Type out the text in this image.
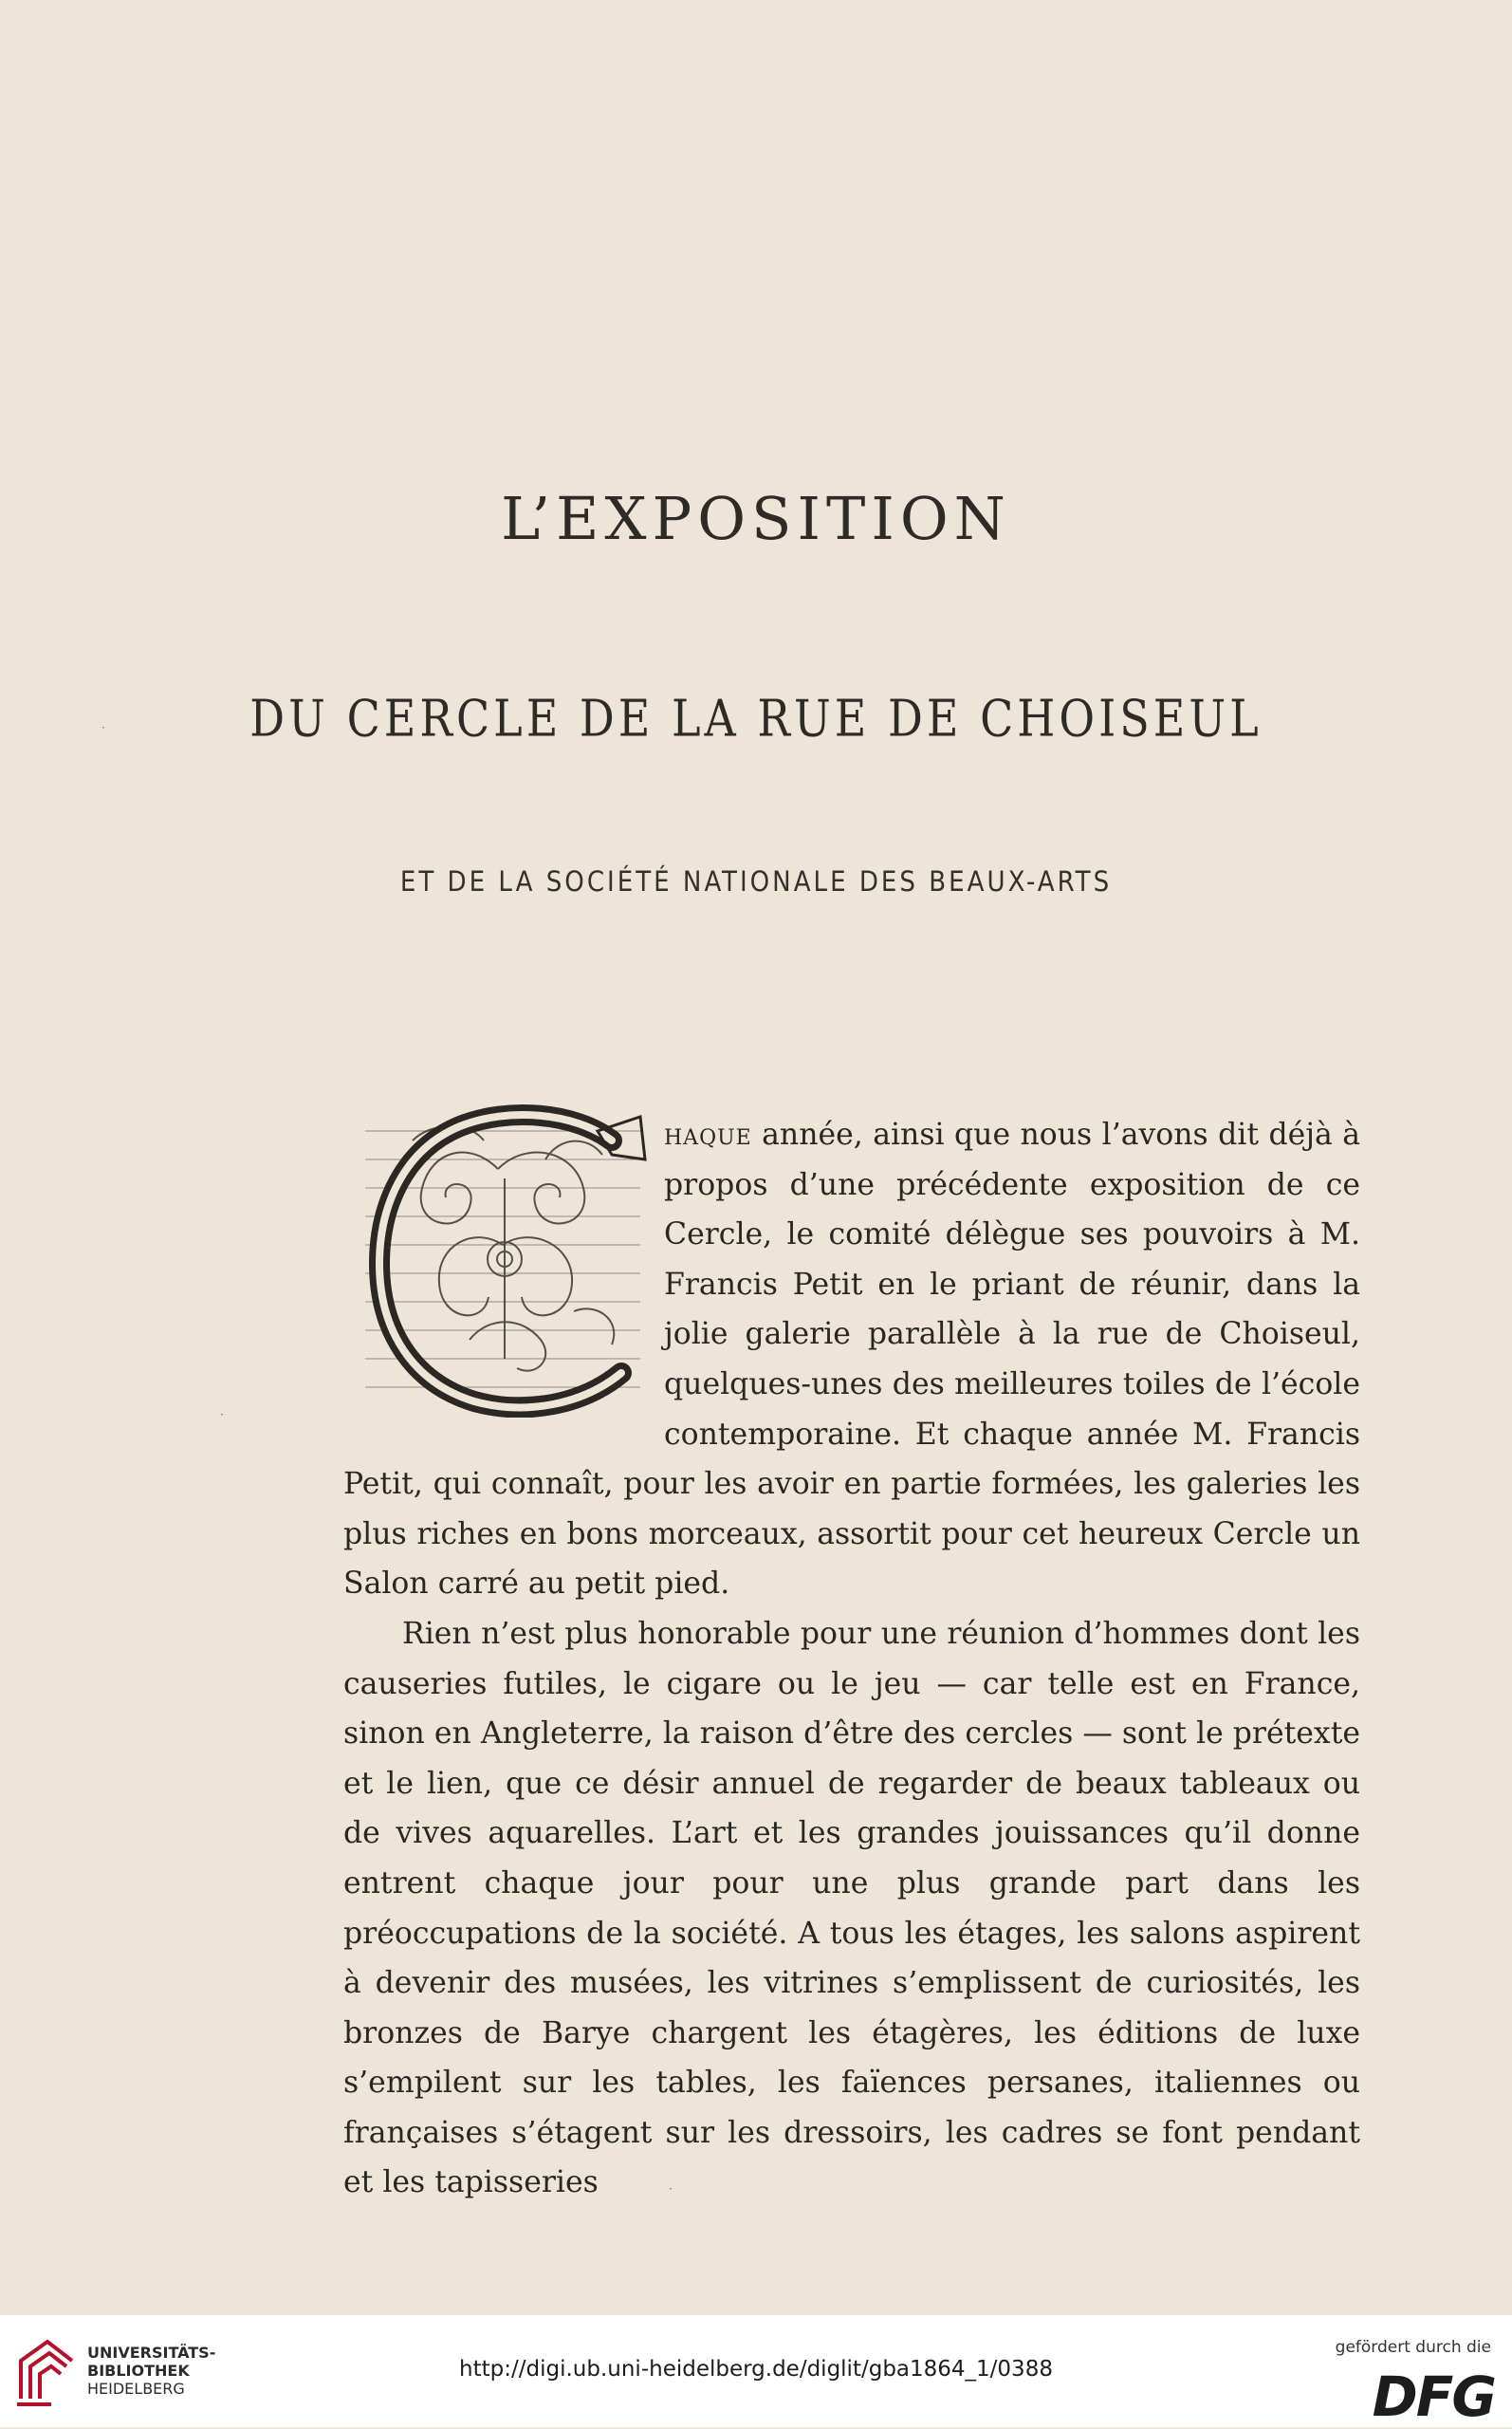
L’EXPOSITION
DU CERCLE DE LA RUE DE CHOISEUL
ET DE LA SOCIÉTÉ NATIONALE DES BEAUX-ARTS

haque année, ainsi que nous l’avons dit déjà à propos d’une précédente exposition de ce Cercle, le comité délègue ses pouvoirs à M. Francis Petit en le priant de réunir, dans la jolie galerie parallèle à la rue de Choiseul, quelques-unes des meilleures toiles de l’école contemporaine. Et chaque année M. Francis Petit, qui connaît, pour les avoir en partie formées, les galeries les plus riches en bons morceaux, assortit pour cet heureux Cercle un Salon carré au petit pied.

Rien n’est plus honorable pour une réunion d’hommes dont les causeries futiles, le cigare ou le jeu — car telle est en France, sinon en Angleterre, la raison d’être des cercles — sont le prétexte et le lien, que ce désir annuel de regarder de beaux tableaux ou de vives aquarelles. L’art et les grandes jouissances qu’il donne entrent chaque jour pour une plus grande part dans les préoccupations de la société. A tous les étages, les salons aspirent à devenir des musées, les vitrines s’emplissent de curiosités, les bronzes de Barye chargent les étagères, les éditions de luxe s’empilent sur les tables, les faïences persanes, italiennes ou françaises s’étagent sur les dressoirs, les cadres se font pendant et les tapisseries

·
·
·
UNIVERSITÄTS-
BIBLIOTHEK
HEIDELBERG
http://digi.ub.uni-heidelberg.de/diglit/gba1864_1/0388
gefördert durch die
DFG
